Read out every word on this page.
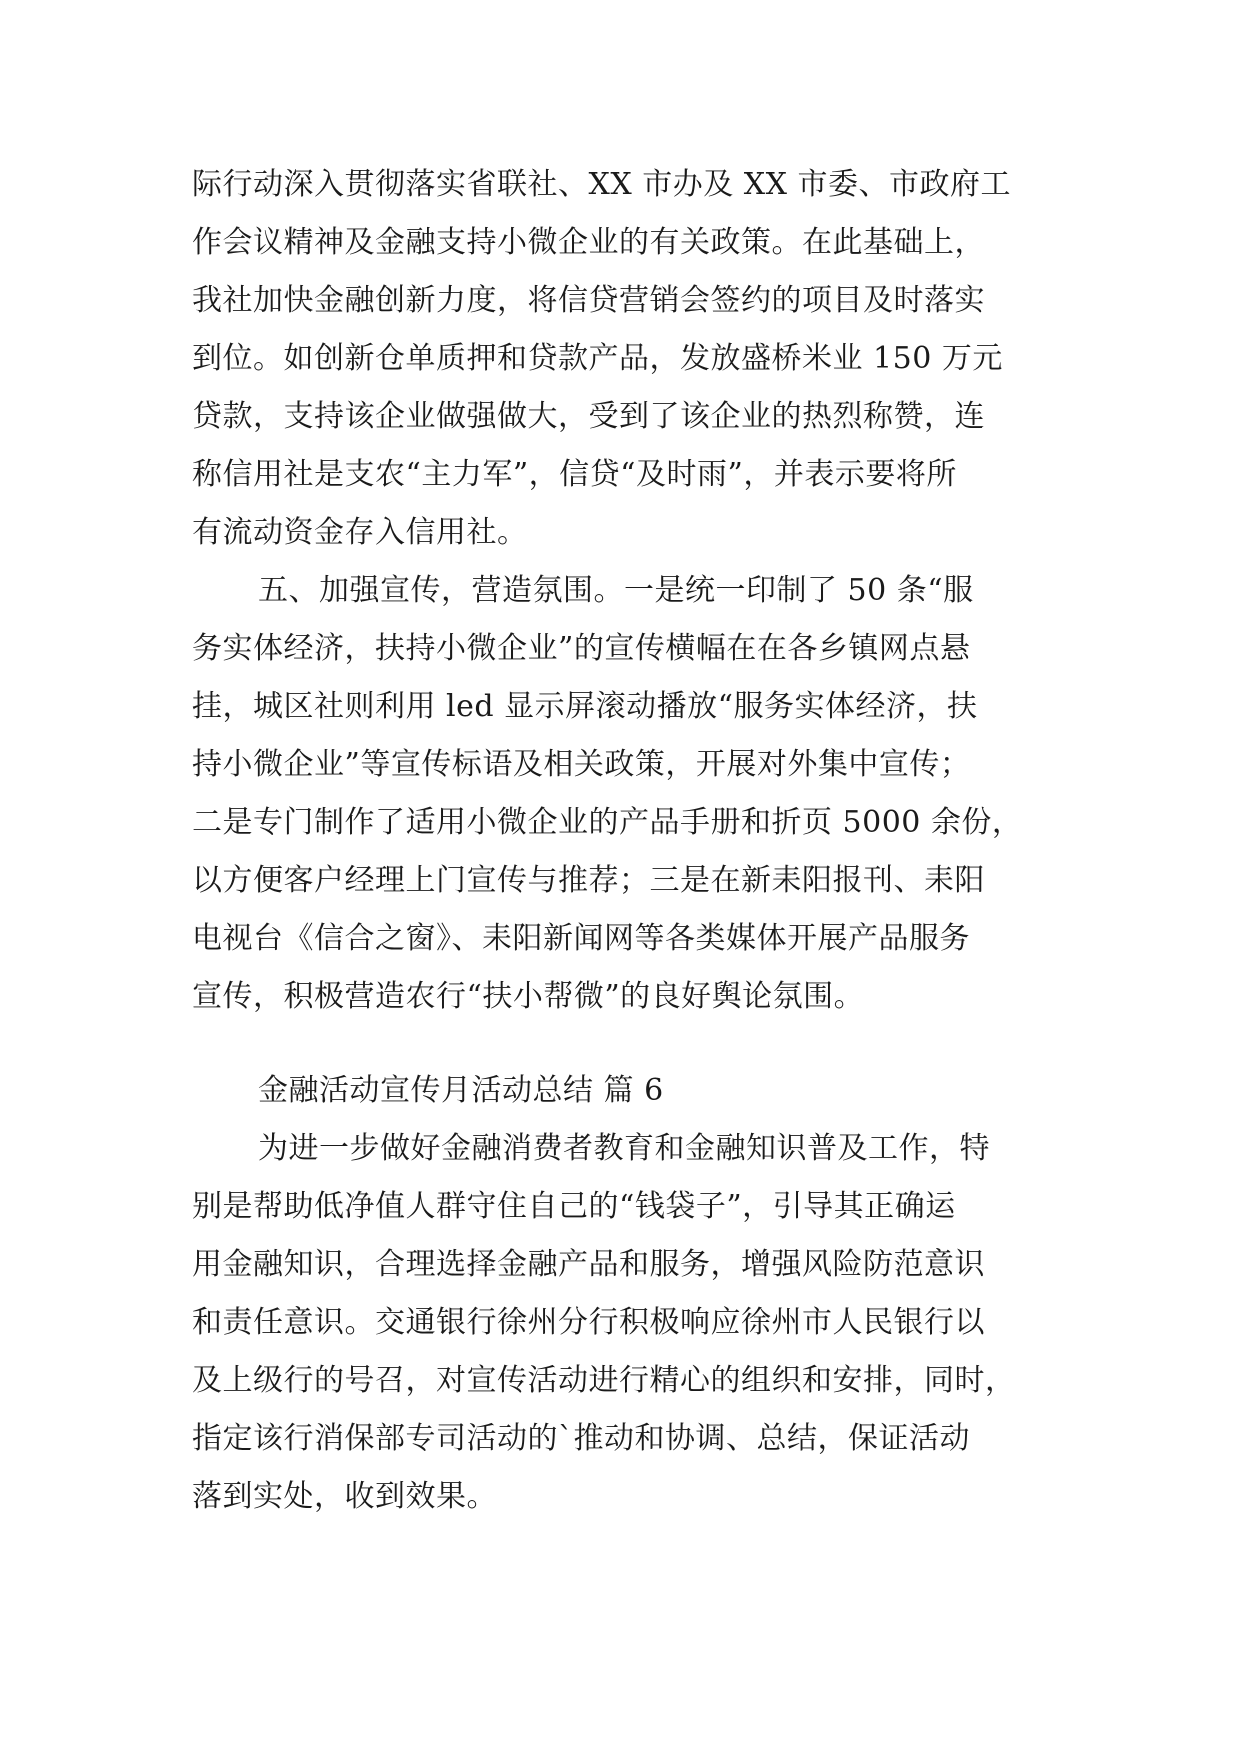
际行动深入贯彻落实省联社、XX 市办及 XX 市委、市政府工
作会议精神及金融支持小微企业的有关政策。在此基础上，
我社加快金融创新力度，将信贷营销会签约的项目及时落实
到位。如创新仓单质押和贷款产品，发放盛桥米业 150 万元
贷款，支持该企业做强做大，受到了该企业的热烈称赞，连
称信用社是支农“主力军”，信贷“及时雨”，并表示要将所
有流动资金存入信用社。
五、加强宣传，营造氛围。一是统一印制了 50 条“服
务实体经济，扶持小微企业”的宣传横幅在在各乡镇网点悬
挂，城区社则利用 led 显示屏滚动播放“服务实体经济，扶
持小微企业”等宣传标语及相关政策，开展对外集中宣传；
二是专门制作了适用小微企业的产品手册和折页 5000 余份，
以方便客户经理上门宣传与推荐；三是在新耒阳报刊、耒阳
电视台《信合之窗》、耒阳新闻网等各类媒体开展产品服务
宣传，积极营造农行“扶小帮微”的良好舆论氛围。
金融活动宣传月活动总结 篇 6
为进一步做好金融消费者教育和金融知识普及工作，特
别是帮助低净值人群守住自己的“钱袋子”，引导其正确运
用金融知识，合理选择金融产品和服务，增强风险防范意识
和责任意识。交通银行徐州分行积极响应徐州市人民银行以
及上级行的号召，对宣传活动进行精心的组织和安排，同时，
指定该行消保部专司活动的`推动和协调、总结，保证活动
落到实处，收到效果。
